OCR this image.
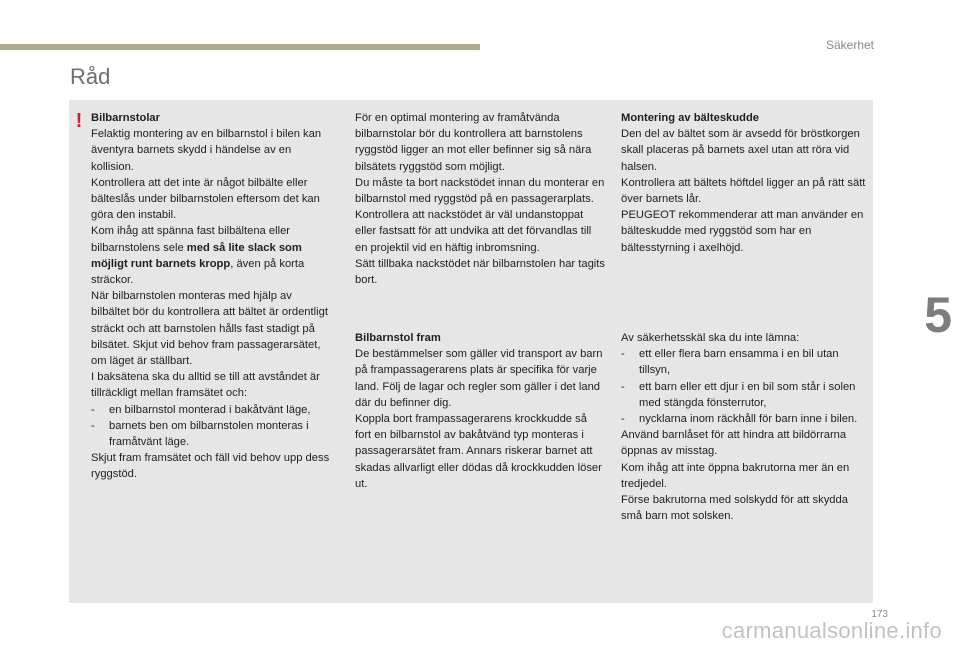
Säkerhet
Råd
! Bilbarnstolar

Felaktig montering av en bilbarnstol i bilen kan äventyra barnets skydd i händelse av en kollision.

Kontrollera att det inte är något bilbälte eller bälteslås under bilbarnstolen eftersom det kan göra den instabil.

Kom ihåg att spänna fast bilbältena eller bilbarnstolens sele med så lite slack som möjligt runt barnets kropp, även på korta sträckor.

När bilbarnstolen monteras med hjälp av bilbältet bör du kontrollera att bältet är ordentligt sträckt och att barnstolen hålls fast stadigt på bilsätet. Skjut vid behov fram passagerarsätet, om läget är ställbart.

I baksätena ska du alltid se till att avståndet är tillräckligt mellan framsätet och:

- en bilbarnstol monterad i bakåtvänt läge,

- barnets ben om bilbarnstolen monteras i framåtvänt läge.

Skjut fram framsätet och fäll vid behov upp dess ryggstöd.

För en optimal montering av framåtvända bilbarnstolar bör du kontrollera att barnstolens ryggstöd ligger an mot eller befinner sig så nära bilsätets ryggstöd som möjligt.

Du måste ta bort nackstödet innan du monterar en bilbarnstol med ryggstöd på en passagerarplats.

Kontrollera att nackstödet är väl undanstoppat eller fastsatt för att undvika att det förvandlas till en projektil vid en häftig inbromsning.

Sätt tillbaka nackstödet när bilbarnstolen har tagits bort.

Bilbarnstol fram

De bestämmelser som gäller vid transport av barn på frampassagerarens plats är specifika för varje land. Följ de lagar och regler som gäller i det land där du befinner dig.

Koppla bort frampassagerarens krockkudde så fort en bilbarnstol av bakåtvänd typ monteras i passagerarsätet fram. Annars riskerar barnet att skadas allvarligt eller dödas då krockkudden löser ut.

Montering av bälteskudde

Den del av bältet som är avsedd för bröstkorgen skall placeras på barnets axel utan att röra vid halsen.

Kontrollera att bältets höftdel ligger an på rätt sätt över barnets lår.

PEUGEOT rekommenderar att man använder en bälteskudde med ryggstöd som har en bältesstyrning i axelhöjd.

Av säkerhetsskäl ska du inte lämna:

- ett eller flera barn ensamma i en bil utan tillsyn,

- ett barn eller ett djur i en bil som står i solen med stängda fönsterrutor,

- nycklarna inom räckhåll för barn inne i bilen.

Använd barnlåset för att hindra att bildörrarna öppnas av misstag.

Kom ihåg att inte öppna bakrutorna mer än en tredjedel.

Förse bakrutorna med solskydd för att skydda små barn mot solsken.

5
173
carmanualsonline.info
